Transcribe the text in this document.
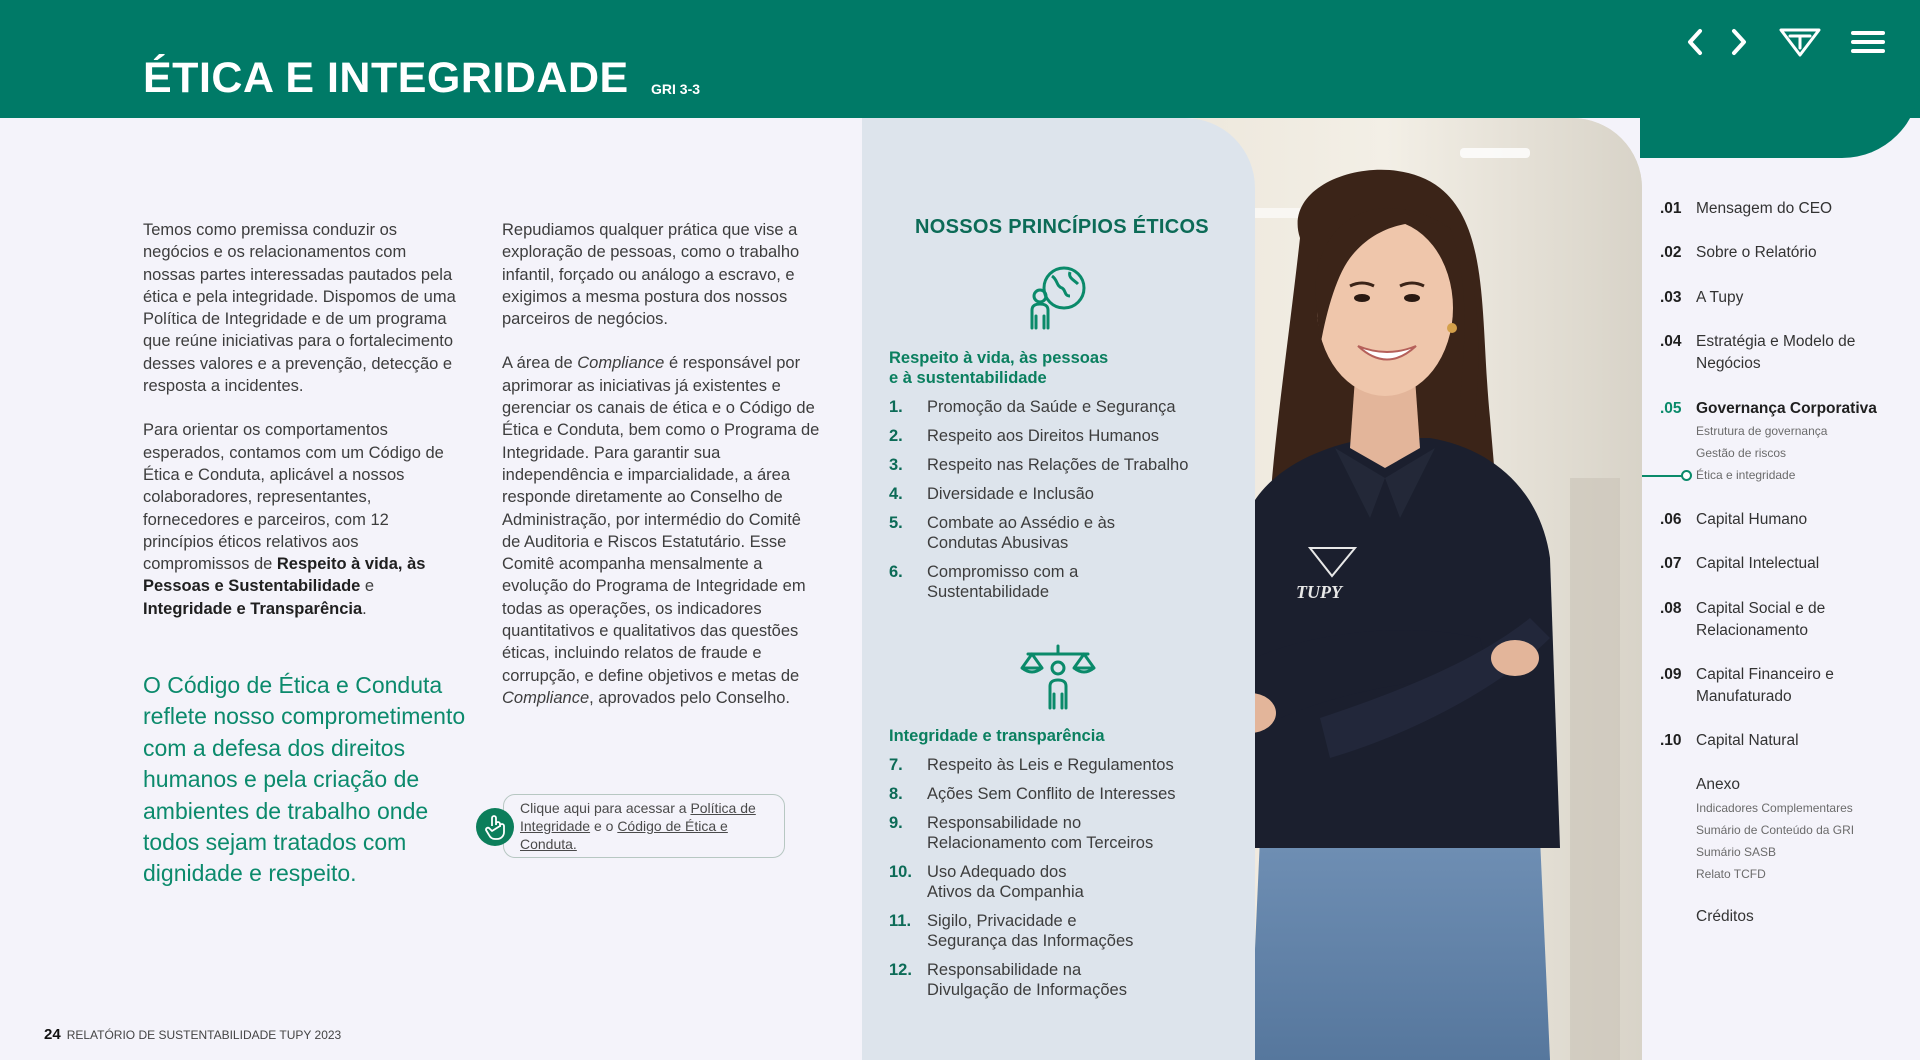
ÉTICA E INTEGRIDADE GRI 3-3

Temos como premissa conduzir os negócios e os relacionamentos com nossas partes interessadas pautados pela ética e pela integridade. Dispomos de uma Política de Integridade e de um programa que reúne iniciativas para o fortalecimento desses valores e a prevenção, detecção e resposta a incidentes.

Para orientar os comportamentos esperados, contamos com um Código de Ética e Conduta, aplicável a nossos colaboradores, representantes, fornecedores e parceiros, com 12 princípios éticos relativos aos compromissos de Respeito à vida, às Pessoas e Sustentabilidade e Integridade e Transparência.

O Código de Ética e Conduta reflete nosso comprometimento com a defesa dos direitos humanos e pela criação de ambientes de trabalho onde todos sejam tratados com dignidade e respeito.

Repudiamos qualquer prática que vise a exploração de pessoas, como o trabalho infantil, forçado ou análogo a escravo, e exigimos a mesma postura dos nossos parceiros de negócios.

A área de Compliance é responsável por aprimorar as iniciativas já existentes e gerenciar os canais de ética e o Código de Ética e Conduta, bem como o Programa de Integridade. Para garantir sua independência e imparcialidade, a área responde diretamente ao Conselho de Administração, por intermédio do Comitê de Auditoria e Riscos Estatutário. Esse Comitê acompanha mensalmente a evolução do Programa de Integridade em todas as operações, os indicadores quantitativos e qualitativos das questões éticas, incluindo relatos de fraude e corrupção, e define objetivos e metas de Compliance, aprovados pelo Conselho.

Clique aqui para acessar a Política de Integridade e o Código de Ética e Conduta.
TUPY
NOSSOS PRINCÍPIOS ÉTICOS
Respeito à vida, às pessoas
e à sustentabilidade
1.	Promoção da Saúde e Segurança
2.	Respeito aos Direitos Humanos
3.	Respeito nas Relações de Trabalho
4.	Diversidade e Inclusão
5.	Combate ao Assédio e às Condutas Abusivas
6.	Compromisso com a Sustentabilidade
Integridade e transparência
7.	Respeito às Leis e Regulamentos
8.	Ações Sem Conflito de Interesses
9.	Responsabilidade no Relacionamento com Terceiros
10. Uso Adequado dos Ativos da Companhia
11. Sigilo, Privacidade e Segurança das Informações
12. Responsabilidade na Divulgação de Informações
.01 Mensagem do CEO
.02 Sobre o Relatório
.03 A Tupy
.04 Estratégia e Modelo de Negócios
.05 Governança Corporativa
Estrutura de governança
Gestão de riscos
Ética e integridade
.06 Capital Humano
.07 Capital Intelectual
.08 Capital Social e de Relacionamento
.09 Capital Financeiro e Manufaturado
.10 Capital Natural
Anexo
Indicadores Complementares
Sumário de Conteúdo da GRI
Sumário SASB
Relato TCFD
Créditos
24 RELATÓRIO DE SUSTENTABILIDADE TUPY 2023
